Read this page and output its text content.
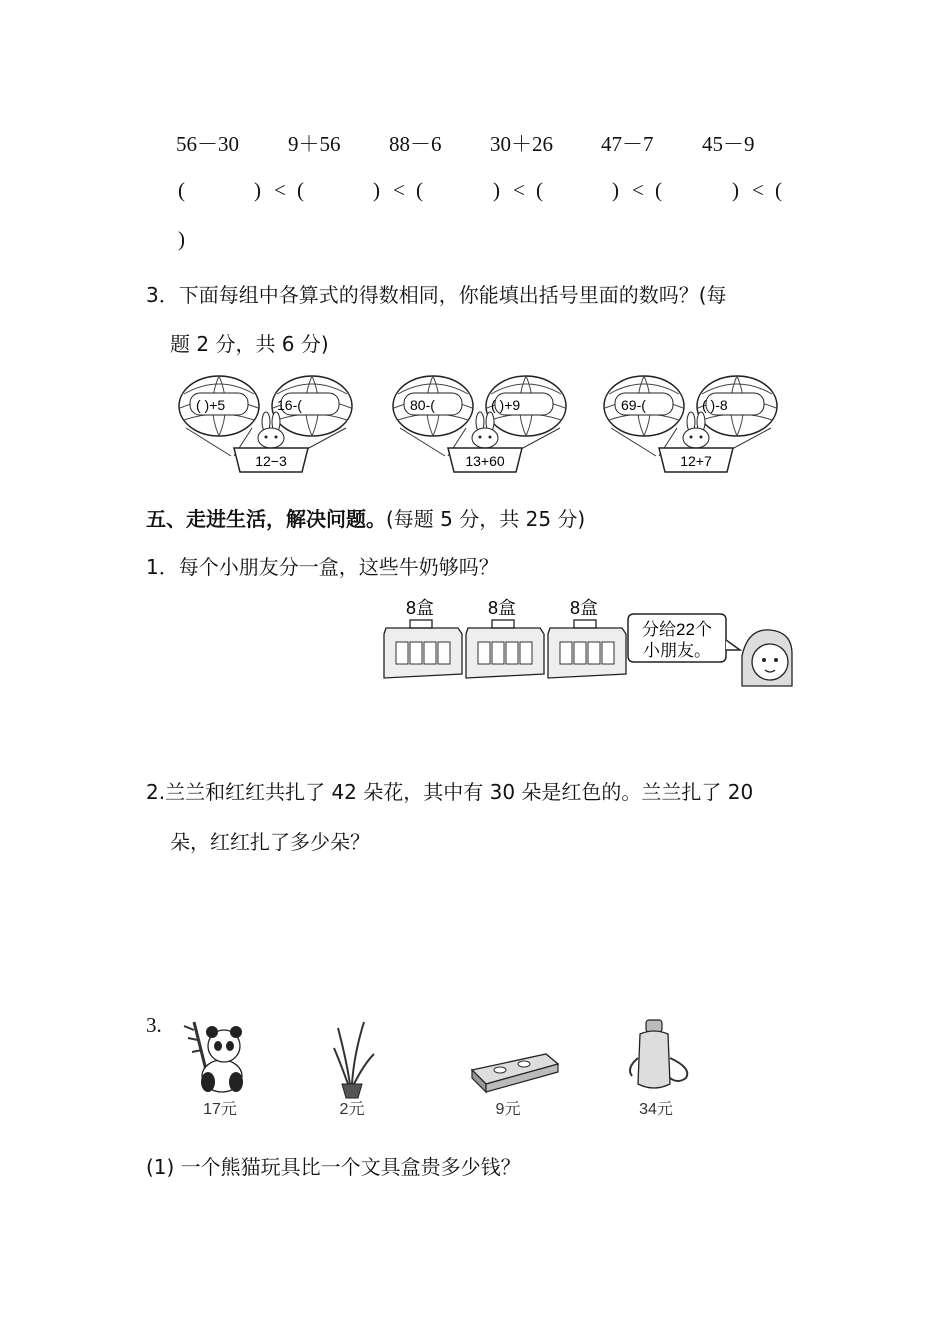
56－30 9＋56 88－6 30＋26 47－7 45－9
(	) < (	) < (	) < (	) < (	) < (
)
3．下面每组中各算式的得数相同，你能填出括号里面的数吗？(每
题 2 分，共 6 分)
( )+5	16-(
12−3
80-(	( )+9
13+60
69-(	( )-8
12+7
五、走进生活，解决问题。(每题 5 分，共 25 分)
1．每个小朋友分一盒，这些牛奶够吗？
8盒	8盒	8盒
分给22个
小朋友。
2.兰兰和红红共扎了 42 朵花，其中有 30 朵是红色的。兰兰扎了 20
朵，红红扎了多少朵？
3.
17元	2元	9元	34元
(1) 一个熊猫玩具比一个文具盒贵多少钱？
